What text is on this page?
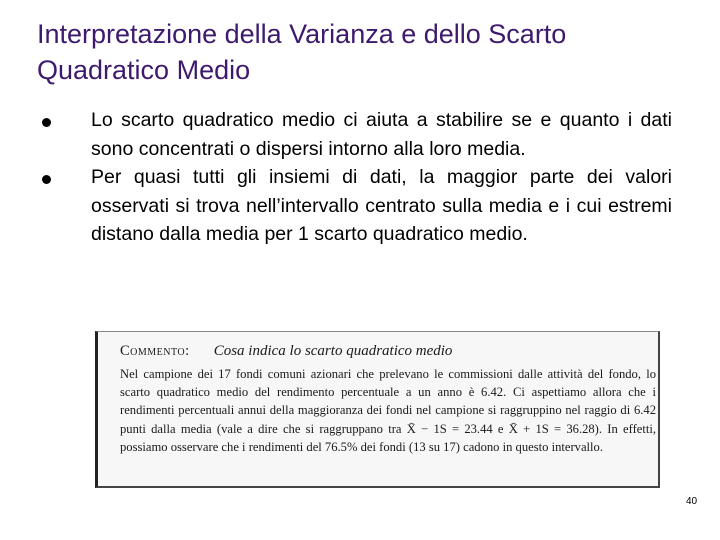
Interpretazione della Varianza e dello Scarto Quadratico Medio
Lo scarto quadratico medio ci aiuta a stabilire se e quanto i dati sono concentrati o dispersi intorno alla loro media.
Per quasi tutti gli insiemi di dati, la maggior parte dei valori osservati si trova nell’intervallo centrato sulla media e i cui estremi distano dalla media per 1 scarto quadratico medio.
Commento: Cosa indica lo scarto quadratico medio
Nel campione dei 17 fondi comuni azionari che prelevano le commissioni dalle attività del fondo, lo scarto quadratico medio del rendimento percentuale a un anno è 6.42. Ci aspettiamo allora che i rendimenti percentuali annui della maggioranza dei fondi nel campione si raggruppino nel raggio di 6.42 punti dalla media (vale a dire che si raggruppano tra X̄ − 1S = 23.44 e X̄ + 1S = 36.28). In effetti, possiamo osservare che i rendimenti del 76.5% dei fondi (13 su 17) cadono in questo intervallo.
40
